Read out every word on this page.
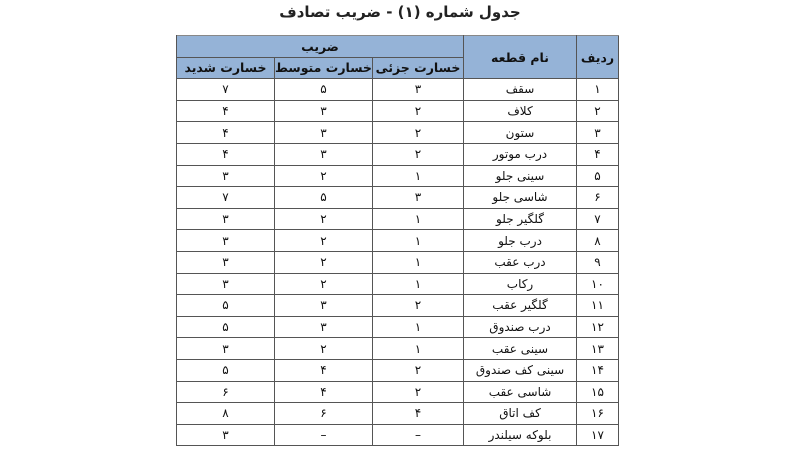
جدول شماره (۱) - ضریب تصادف
ردیف	نام قطعه	ضریب		
		خسارت جزئی	خسارت متوسط	خسارت شدید
۱	سقف	۳	۵	۷
۲	کلاف	۲	۳	۴
۳	ستون	۲	۳	۴
۴	درب موتور	۲	۳	۴
۵	سینی جلو	۱	۲	۳
۶	شاسی جلو	۳	۵	۷
۷	گلگیر جلو	۱	۲	۳
۸	درب جلو	۱	۲	۳
۹	درب عقب	۱	۲	۳
۱۰	رکاب	۱	۲	۳
۱۱	گلگیر عقب	۲	۳	۵
۱۲	درب صندوق	۱	۳	۵
۱۳	سینی عقب	۱	۲	۳
۱۴	سینی کف صندوق	۲	۴	۵
۱۵	شاسی عقب	۲	۴	۶
۱۶	کف اتاق	۴	۶	۸
۱۷	بلوکه سیلندر	–	–	۳
